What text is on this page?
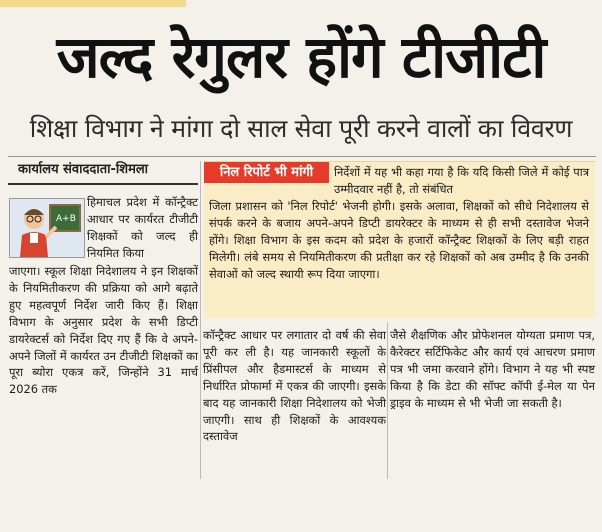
जल्द रेगुलर होंगे टीजीटी
शिक्षा विभाग ने मांगा दो साल सेवा पूरी करने वालों का विवरण
कार्यालय संवाददाता-शिमला
A+B
हिमाचल प्रदेश में कॉन्ट्रैक्ट आधार पर कार्यरत टीजीटी शिक्षकों को जल्द ही नियमित किया
जाएगा। स्कूल शिक्षा निदेशालय ने इन शिक्षकों के नियमितीकरण की प्रक्रिया को आगे बढ़ाते हुए महत्वपूर्ण निर्देश जारी किए हैं। शिक्षा विभाग के अनुसार प्रदेश के सभी डिप्टी डायरेक्टर्स को निर्देश दिए गए हैं कि वे अपने-अपने जिलों में कार्यरत उन टीजीटी शिक्षकों का पूरा ब्योरा एकत्र करें, जिन्होंने 31 मार्च 2026 तक
निल रिपोर्ट भी मांगी	निर्देशों में यह भी कहा गया है कि यदि किसी जिले में कोई पात्र उम्मीदवार नहीं है, तो संबंधित
जिला प्रशासन को 'निल रिपोर्ट' भेजनी होगी। इसके अलावा, शिक्षकों को सीधे निदेशालय से संपर्क करने के बजाय अपने-अपने डिप्टी डायरेक्टर के माध्यम से ही सभी दस्तावेज भेजने होंगे। शिक्षा विभाग के इस कदम को प्रदेश के हजारों कॉन्ट्रैक्ट शिक्षकों के लिए बड़ी राहत मिलेगी। लंबे समय से नियमितीकरण की प्रतीक्षा कर रहे शिक्षकों को अब उम्मीद है कि उनकी सेवाओं को जल्द स्थायी रूप दिया जाएगा।
कॉन्ट्रैक्ट आधार पर लगातार दो वर्ष की सेवा पूरी कर ली है। यह जानकारी स्कूलों के प्रिंसीपल और हैडमास्टर्स के माध्यम से निर्धारित प्रोफार्मा में एकत्र की जाएगी। इसके बाद यह जानकारी शिक्षा निदेशालय को भेजी जाएगी। साथ ही शिक्षकों के आवश्यक दस्तावेज
जैसे शैक्षणिक और प्रोफेशनल योग्यता प्रमाण पत्र, कैरेक्टर सर्टिफिकेट और कार्य एवं आचरण प्रमाण पत्र भी जमा करवाने होंगे। विभाग ने यह भी स्पष्ट किया है कि डेटा की सॉफ्ट कॉपी ई-मेल या पेन ड्राइव के माध्यम से भी भेजी जा सकती है।
